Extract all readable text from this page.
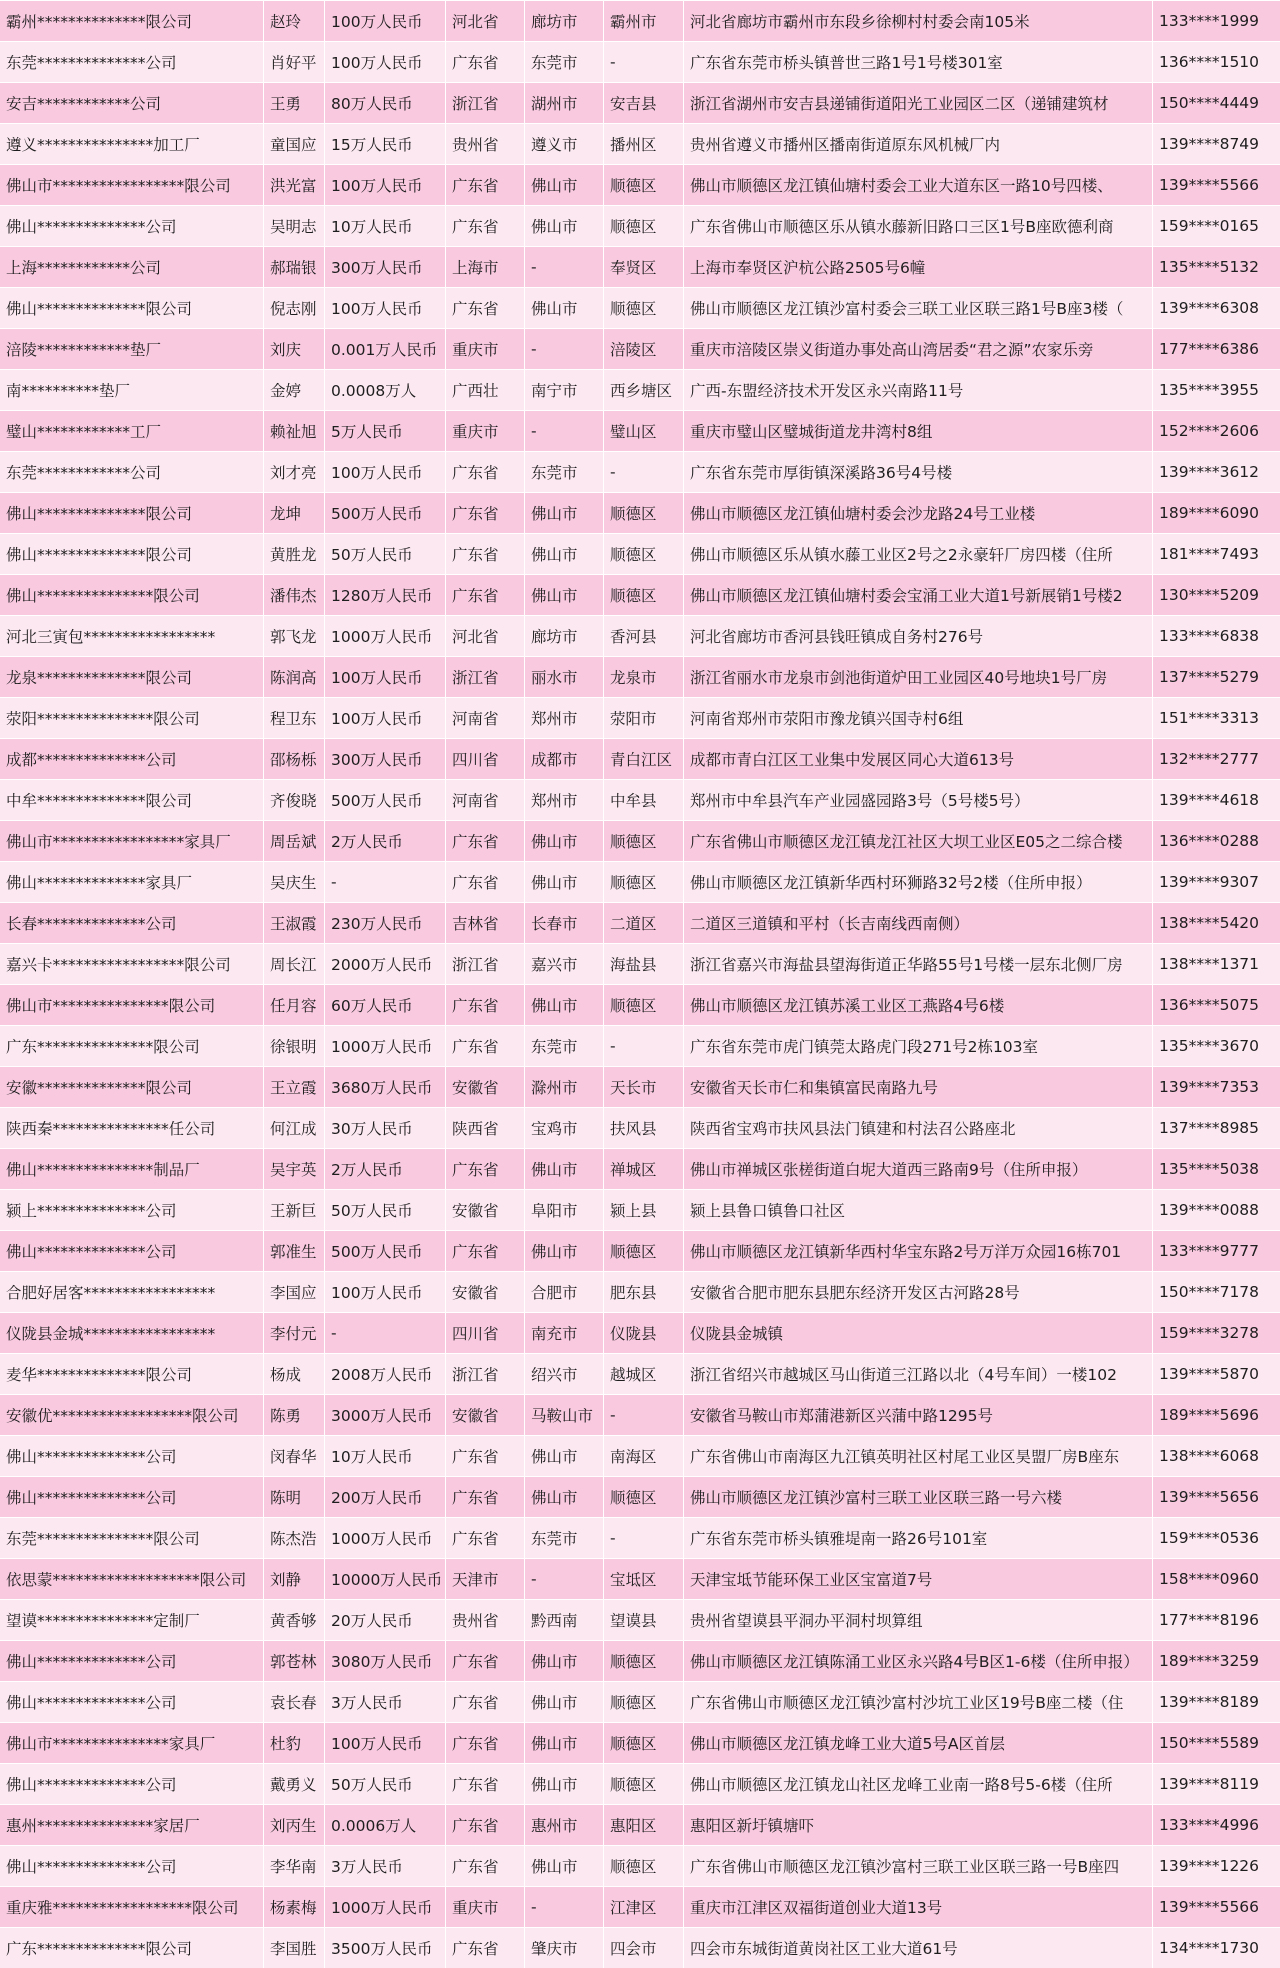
霸州**************限公司	赵玲	100万人民币	河北省	廊坊市	霸州市	河北省廊坊市霸州市东段乡徐柳村村委会南105米	133****1999
东莞**************公司	肖好平 100万人民币	广东省	东莞市	-	广东省东莞市桥头镇普世三路1号1号楼301室	136****1510
安吉************公司	王勇	80万人民币	浙江省	湖州市	安吉县	浙江省湖州市安吉县递铺街道阳光工业园区二区（递铺建筑材	150****4449
遵义***************加工厂	童国应 15万人民币	贵州省	遵义市	播州区	贵州省遵义市播州区播南街道原东风机械厂内	139****8749
佛山市*****************限公司	洪光富 100万人民币	广东省	佛山市	顺德区	佛山市顺德区龙江镇仙塘村委会工业大道东区一路10号四楼、	139****5566
佛山**************公司	吴明志 10万人民币	广东省	佛山市	顺德区	广东省佛山市顺德区乐从镇水藤新旧路口三区1号B座欧德利商	159****0165
上海************公司	郝瑞银 300万人民币	上海市	-	奉贤区	上海市奉贤区沪杭公路2505号6幢	135****5132
佛山**************限公司	倪志刚 100万人民币	广东省	佛山市	顺德区	佛山市顺德区龙江镇沙富村委会三联工业区联三路1号B座3楼（	139****6308
涪陵************垫厂	刘庆	0.001万人民币 重庆市	-	涪陵区	重庆市涪陵区崇义街道办事处高山湾居委“君之源”农家乐旁	177****6386
南**********垫厂	金婷	0.0008万人	广西壮	南宁市	西乡塘区	广西-东盟经济技术开发区永兴南路11号	135****3955
璧山************工厂	赖祉旭 5万人民币	重庆市	-	璧山区	重庆市璧山区璧城街道龙井湾村8组	152****2606
东莞************公司	刘才亮 100万人民币	广东省	东莞市	-	广东省东莞市厚街镇深溪路36号4号楼	139****3612
佛山**************限公司	龙坤	500万人民币	广东省	佛山市	顺德区	佛山市顺德区龙江镇仙塘村委会沙龙路24号工业楼	189****6090
佛山**************限公司	黄胜龙 50万人民币	广东省	佛山市	顺德区	佛山市顺德区乐从镇水藤工业区2号之2永豪轩厂房四楼（住所	181****7493
佛山***************限公司	潘伟杰 1280万人民币	广东省	佛山市	顺德区	佛山市顺德区龙江镇仙塘村委会宝涌工业大道1号新展销1号楼2	130****5209
河北三寅包*****************	郭飞龙 1000万人民币	河北省	廊坊市	香河县	河北省廊坊市香河县钱旺镇成自务村276号	133****6838
龙泉**************限公司	陈润高 100万人民币	浙江省	丽水市	龙泉市	浙江省丽水市龙泉市剑池街道炉田工业园区40号地块1号厂房	137****5279
荥阳***************限公司	程卫东 100万人民币	河南省	郑州市	荥阳市	河南省郑州市荥阳市豫龙镇兴国寺村6组	151****3313
成都**************公司	邵杨栎 300万人民币	四川省	成都市	青白江区	成都市青白江区工业集中发展区同心大道613号	132****2777
中牟**************限公司	齐俊晓 500万人民币	河南省	郑州市	中牟县	郑州市中牟县汽车产业园盛园路3号（5号楼5号）	139****4618
佛山市*****************家具厂	周岳斌 2万人民币	广东省	佛山市	顺德区	广东省佛山市顺德区龙江镇龙江社区大坝工业区E05之二综合楼	136****0288
佛山**************家具厂	吴庆生 -	广东省	佛山市	顺德区	佛山市顺德区龙江镇新华西村环狮路32号2楼（住所申报）	139****9307
长春**************公司	王淑霞 230万人民币	吉林省	长春市	二道区	二道区三道镇和平村（长吉南线西南侧）	138****5420
嘉兴卡*****************限公司	周长江 2000万人民币	浙江省	嘉兴市	海盐县	浙江省嘉兴市海盐县望海街道正华路55号1号楼一层东北侧厂房	138****1371
佛山市***************限公司	任月容 60万人民币	广东省	佛山市	顺德区	佛山市顺德区龙江镇苏溪工业区工燕路4号6楼	136****5075
广东***************限公司	徐银明 1000万人民币	广东省	东莞市	-	广东省东莞市虎门镇莞太路虎门段271号2栋103室	135****3670
安徽**************限公司	王立霞 3680万人民币	安徽省	滁州市	天长市	安徽省天长市仁和集镇富民南路九号	139****7353
陕西秦***************任公司	何江成 30万人民币	陕西省	宝鸡市	扶风县	陕西省宝鸡市扶风县法门镇建和村法召公路座北	137****8985
佛山***************制品厂	吴宇英 2万人民币	广东省	佛山市	禅城区	佛山市禅城区张槎街道白坭大道西三路南9号（住所申报）	135****5038
颍上**************公司	王新巨 50万人民币	安徽省	阜阳市	颍上县	颍上县鲁口镇鲁口社区	139****0088
佛山**************公司	郭准生 500万人民币	广东省	佛山市	顺德区	佛山市顺德区龙江镇新华西村华宝东路2号万洋万众园16栋701	133****9777
合肥好居客*****************	李国应 100万人民币	安徽省	合肥市	肥东县	安徽省合肥市肥东县肥东经济开发区古河路28号	150****7178
仪陇县金城*****************	李付元 -	四川省	南充市	仪陇县	仪陇县金城镇	159****3278
麦华**************限公司	杨成	2008万人民币	浙江省	绍兴市	越城区	浙江省绍兴市越城区马山街道三江路以北（4号车间）一楼102	139****5870
安徽优******************限公司	陈勇	3000万人民币	安徽省	马鞍山市	-	安徽省马鞍山市郑蒲港新区兴蒲中路1295号	189****5696
佛山**************公司	闵春华 10万人民币	广东省	佛山市	南海区	广东省佛山市南海区九江镇英明社区村尾工业区昊盟厂房B座东	138****6068
佛山**************公司	陈明	200万人民币	广东省	佛山市	顺德区	佛山市顺德区龙江镇沙富村三联工业区联三路一号六楼	139****5656
东莞***************限公司	陈杰浩 1000万人民币	广东省	东莞市	-	广东省东莞市桥头镇雅堤南一路26号101室	159****0536
依思蒙*******************限公司	刘静	10000万人民币 天津市	-	宝坻区	天津宝坻节能环保工业区宝富道7号	158****0960
望谟***************定制厂	黄香够 20万人民币	贵州省	黔西南	望谟县	贵州省望谟县平洞办平洞村坝算组	177****8196
佛山**************公司	郭苍林 3080万人民币	广东省	佛山市	顺德区	佛山市顺德区龙江镇陈涌工业区永兴路4号B区1-6楼（住所申报）	189****3259
佛山**************公司	袁长春 3万人民币	广东省	佛山市	顺德区	广东省佛山市顺德区龙江镇沙富村沙坑工业区19号B座二楼（住	139****8189
佛山市***************家具厂	杜豹	100万人民币	广东省	佛山市	顺德区	佛山市顺德区龙江镇龙峰工业大道5号A区首层	150****5589
佛山**************公司	戴勇义 50万人民币	广东省	佛山市	顺德区	佛山市顺德区龙江镇龙山社区龙峰工业南一路8号5-6楼（住所	139****8119
惠州***************家居厂	刘丙生 0.0006万人	广东省	惠州市	惠阳区	惠阳区新圩镇塘吓	133****4996
佛山**************公司	李华南 3万人民币	广东省	佛山市	顺德区	广东省佛山市顺德区龙江镇沙富村三联工业区联三路一号B座四	139****1226
重庆雅******************限公司	杨素梅 1000万人民币	重庆市	-	江津区	重庆市江津区双福街道创业大道13号	139****5566
广东**************限公司	李国胜 3500万人民币	广东省	肇庆市	四会市	四会市东城街道黄岗社区工业大道61号	134****1730
